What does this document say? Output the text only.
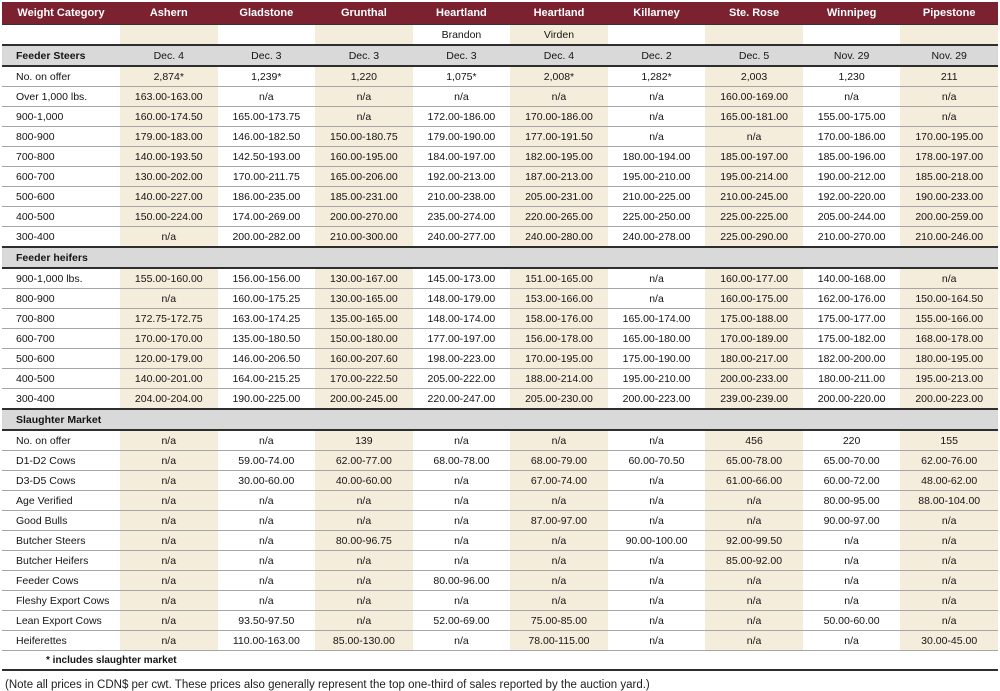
Weight Category	Ashern	Gladstone	Grunthal	Heartland	Heartland	Killarney	Ste. Rose	Winnipeg	Pipestone
				Brandon	Virden				
Feeder Steers	Dec. 4	Dec. 3	Dec. 3	Dec. 3	Dec. 4	Dec. 2	Dec. 5	Nov. 29	Nov. 29
No. on offer	2,874*	1,239*	1,220	1,075*	2,008*	1,282*	2,003	1,230	211
Over 1,000 lbs.	163.00-163.00	n/a	n/a	n/a	n/a	n/a	160.00-169.00	n/a	n/a
900-1,000	160.00-174.50	165.00-173.75	n/a	172.00-186.00	170.00-186.00	n/a	165.00-181.00	155.00-175.00	n/a
800-900	179.00-183.00	146.00-182.50	150.00-180.75	179.00-190.00	177.00-191.50	n/a	n/a	170.00-186.00	170.00-195.00
700-800	140.00-193.50	142.50-193.00	160.00-195.00	184.00-197.00	182.00-195.00	180.00-194.00	185.00-197.00	185.00-196.00	178.00-197.00
600-700	130.00-202.00	170.00-211.75	165.00-206.00	192.00-213.00	187.00-213.00	195.00-210.00	195.00-214.00	190.00-212.00	185.00-218.00
500-600	140.00-227.00	186.00-235.00	185.00-231.00	210.00-238.00	205.00-231.00	210.00-225.00	210.00-245.00	192.00-220.00	190.00-233.00
400-500	150.00-224.00	174.00-269.00	200.00-270.00	235.00-274.00	220.00-265.00	225.00-250.00	225.00-225.00	205.00-244.00	200.00-259.00
300-400	n/a	200.00-282.00	210.00-300.00	240.00-277.00	240.00-280.00	240.00-278.00	225.00-290.00	210.00-270.00	210.00-246.00
Feeder heifers									
900-1,000 lbs.	155.00-160.00	156.00-156.00	130.00-167.00	145.00-173.00	151.00-165.00	n/a	160.00-177.00	140.00-168.00	n/a
800-900	n/a	160.00-175.25	130.00-165.00	148.00-179.00	153.00-166.00	n/a	160.00-175.00	162.00-176.00	150.00-164.50
700-800	172.75-172.75	163.00-174.25	135.00-165.00	148.00-174.00	158.00-176.00	165.00-174.00	175.00-188.00	175.00-177.00	155.00-166.00
600-700	170.00-170.00	135.00-180.50	150.00-180.00	177.00-197.00	156.00-178.00	165.00-180.00	170.00-189.00	175.00-182.00	168.00-178.00
500-600	120.00-179.00	146.00-206.50	160.00-207.60	198.00-223.00	170.00-195.00	175.00-190.00	180.00-217.00	182.00-200.00	180.00-195.00
400-500	140.00-201.00	164.00-215.25	170.00-222.50	205.00-222.00	188.00-214.00	195.00-210.00	200.00-233.00	180.00-211.00	195.00-213.00
300-400	204.00-204.00	190.00-225.00	200.00-245.00	220.00-247.00	205.00-230.00	200.00-223.00	239.00-239.00	200.00-220.00	200.00-223.00
Slaughter Market									
No. on offer	n/a	n/a	139	n/a	n/a	n/a	456	220	155
D1-D2 Cows	n/a	59.00-74.00	62.00-77.00	68.00-78.00	68.00-79.00	60.00-70.50	65.00-78.00	65.00-70.00	62.00-76.00
D3-D5 Cows	n/a	30.00-60.00	40.00-60.00	n/a	67.00-74.00	n/a	61.00-66.00	60.00-72.00	48.00-62.00
Age Verified	n/a	n/a	n/a	n/a	n/a	n/a	n/a	80.00-95.00	88.00-104.00
Good Bulls	n/a	n/a	n/a	n/a	87.00-97.00	n/a	n/a	90.00-97.00	n/a
Butcher Steers	n/a	n/a	80.00-96.75	n/a	n/a	90.00-100.00	92.00-99.50	n/a	n/a
Butcher Heifers	n/a	n/a	n/a	n/a	n/a	n/a	85.00-92.00	n/a	n/a
Feeder Cows	n/a	n/a	n/a	80.00-96.00	n/a	n/a	n/a	n/a	n/a
Fleshy Export Cows	n/a	n/a	n/a	n/a	n/a	n/a	n/a	n/a	n/a
Lean Export Cows	n/a	93.50-97.50	n/a	52.00-69.00	75.00-85.00	n/a	n/a	50.00-60.00	n/a
Heiferettes	n/a	110.00-163.00	85.00-130.00	n/a	78.00-115.00	n/a	n/a	n/a	30.00-45.00
* includes slaughter market									
(Note all prices in CDN$ per cwt. These prices also generally represent the top one-third of sales reported by the auction yard.)
